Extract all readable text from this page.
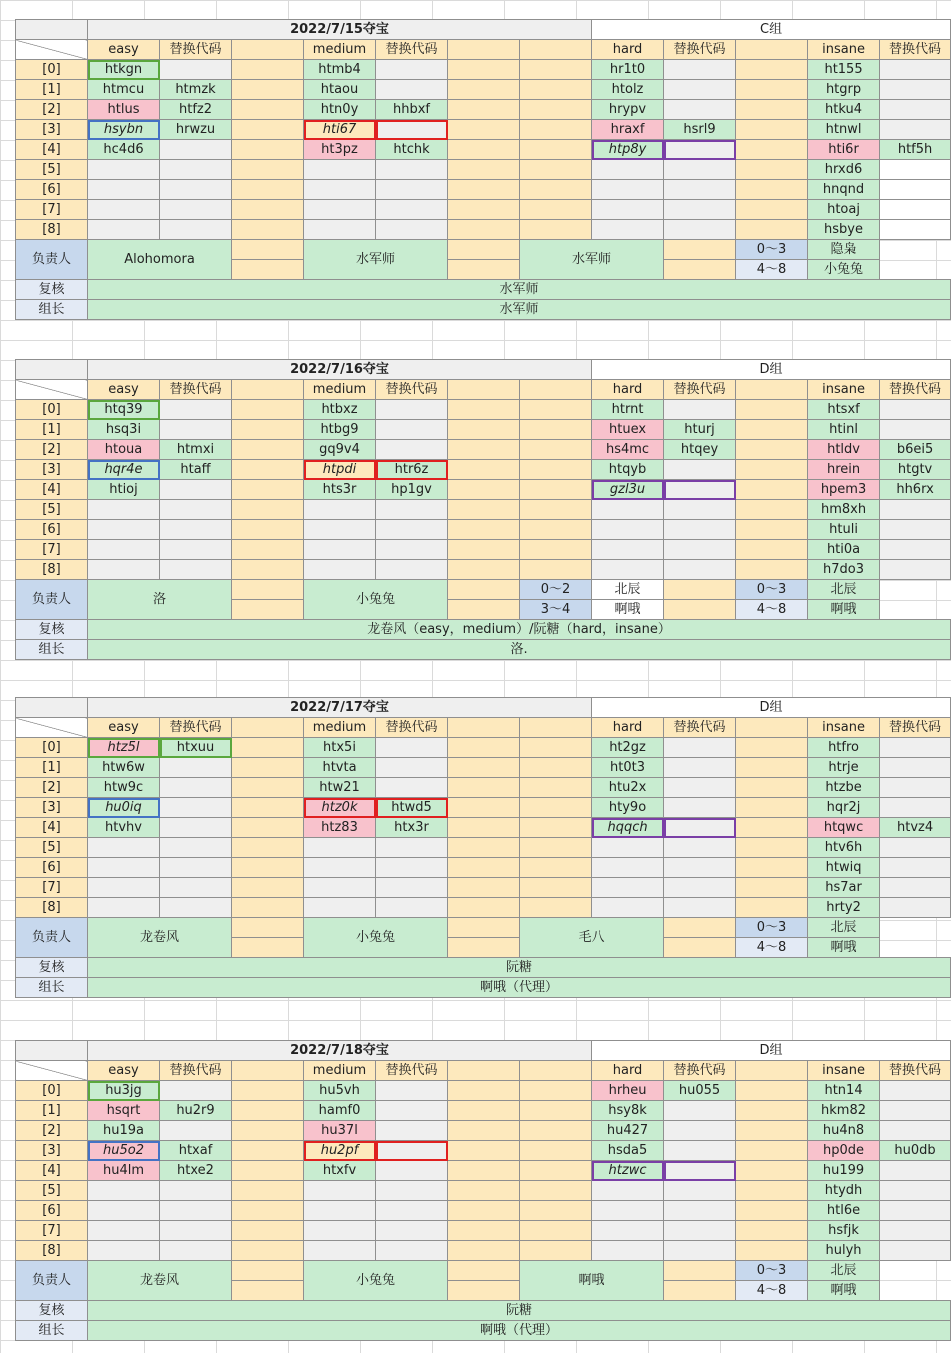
	2022/7/15夺宝							C组				
	easy	替换代码		medium	替换代码			hard	替换代码		insane	替换代码
[0]	htkgn			htmb4				hr1t0			ht155	
[1]	htmcu	htmzk		htaou				htolz			htgrp	
[2]	htlus	htfz2		htn0y	hhbxf			hrypv			htku4	
[3]	hsybn	hrwzu		hti67				hraxf	hsrl9		htnwl	
[4]	hc4d6			ht3pz	htchk			htp8y			hti6r	htf5h
[5]											hrxd6	
[6]											hnqnd	
[7]											htoaj	
[8]											hsbye	
负责人	Alohomora			水军师			水军师			0～3	隐枭	
										4～8	小兔兔	
复核	水军师											
组长	水军师											
	2022/7/16夺宝							D组				
	easy	替换代码		medium	替换代码			hard	替换代码		insane	替换代码
[0]	htq39			htbxz				htrnt			htsxf	
[1]	hsq3i			htbg9				htuex	hturj		htinl	
[2]	htoua	htmxi		gq9v4				hs4mc	htqey		htldv	b6ei5
[3]	hqr4e	htaff		htpdi	htr6z			htqyb			hrein	htgtv
[4]	htioj			hts3r	hp1gv			gzl3u			hpem3	hh6rx
[5]											hm8xh	
[6]											htuli	
[7]											hti0a	
[8]											h7do3	
负责人	洛			小兔兔			0～2	北辰		0～3	北辰	
							3～4	啊哦		4～8	啊哦	
复核	龙卷风（easy，medium）/阮糖（hard，insane）											
组长	洛.											
	2022/7/17夺宝							D组				
	easy	替换代码		medium	替换代码			hard	替换代码		insane	替换代码
[0]	htz5l	htxuu		htx5i				ht2gz			htfro	
[1]	htw6w			htvta				ht0t3			htrje	
[2]	htw9c			htw21				htu2x			htzbe	
[3]	hu0iq			htz0k	htwd5			hty9o			hqr2j	
[4]	htvhv			htz83	htx3r			hqqch			htqwc	htvz4
[5]											htv6h	
[6]											htwiq	
[7]											hs7ar	
[8]											hrty2	
负责人	龙卷风			小兔兔			毛八			0～3	北辰	
										4～8	啊哦	
复核	阮糖											
组长	啊哦（代理）											
	2022/7/18夺宝							D组				
	easy	替换代码		medium	替换代码			hard	替换代码		insane	替换代码
[0]	hu3jg			hu5vh				hrheu	hu055		htn14	
[1]	hsqrt	hu2r9		hamf0				hsy8k			hkm82	
[2]	hu19a			hu37l				hu427			hu4n8	
[3]	hu5o2	htxaf		hu2pf				hsda5			hp0de	hu0db
[4]	hu4lm	htxe2		htxfv				htzwc			hu199	
[5]											htydh	
[6]											htl6e	
[7]											hsfjk	
[8]											hulyh	
负责人	龙卷风			小兔兔			啊哦			0～3	北辰	
										4～8	啊哦	
复核	阮糖											
组长	啊哦（代理）											
